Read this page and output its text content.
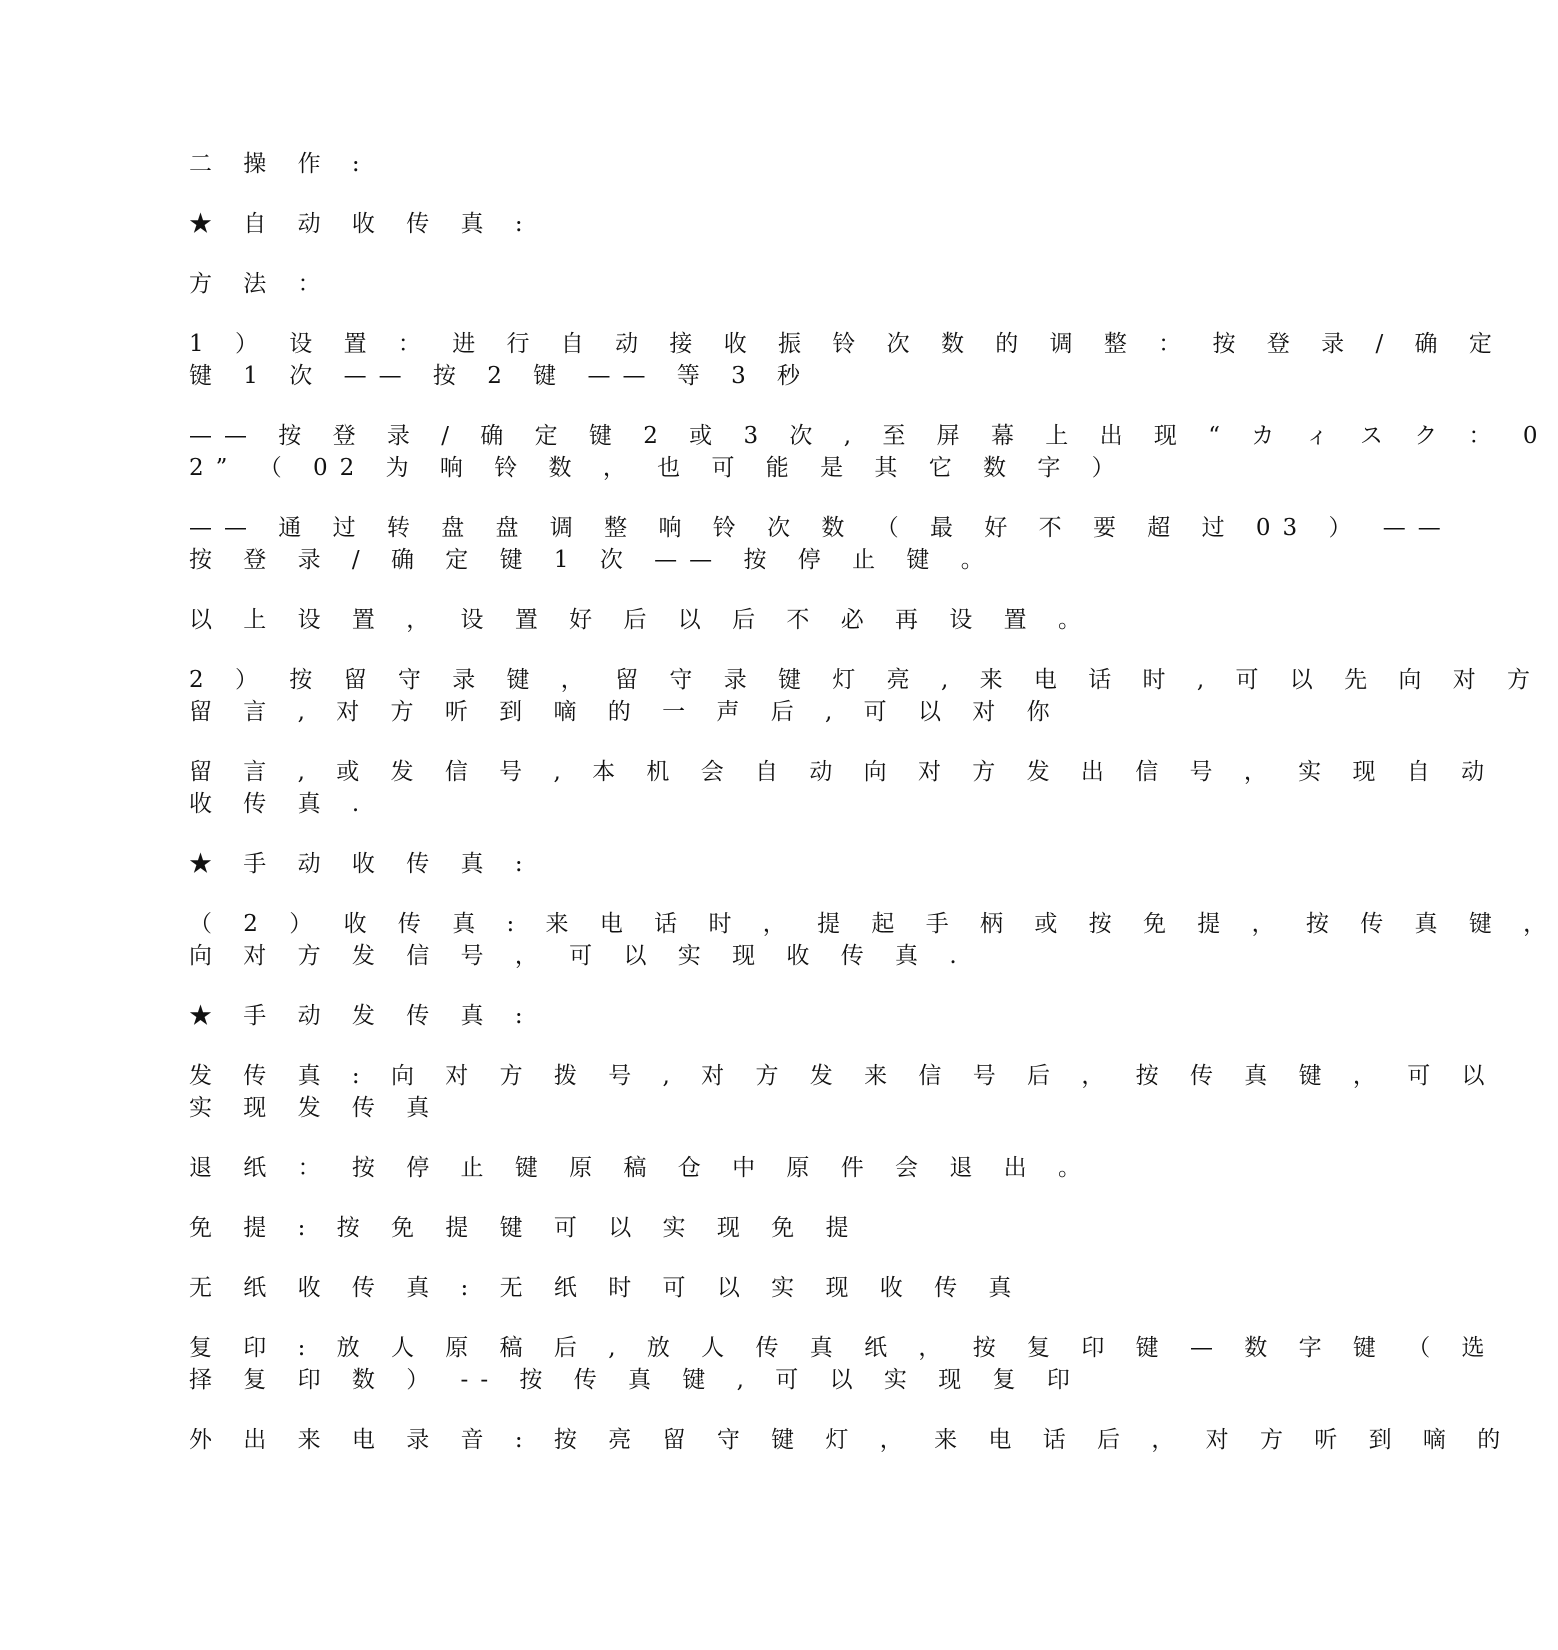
二 操 作 :

★ 自 动 收 传 真 :

方 法 ：

1 ） 设 置 ： 进 行 自 动 接 收 振 铃 次 数 的 调 整 ： 按 登 录 / 确 定
键 1 次 —— 按 2 键 —— 等 3 秒

—— 按 登 录 / 确 定 键 2 或 3 次 , 至 屏 幕 上 出 现 “ カ ィ ス ク ： 0
2” （ 02 为 响 铃 数 ， 也 可 能 是 其 它 数 字 ）

—— 通 过 转 盘 盘 调 整 响 铃 次 数 （ 最 好 不 要 超 过 03 ） ——
按 登 录 / 确 定 键 1 次 —— 按 停 止 键 。

以 上 设 置 ， 设 置 好 后 以 后 不 必 再 设 置 。

2 ） 按 留 守 录 键 ， 留 守 录 键 灯 亮 , 来 电 话 时 , 可 以 先 向 对 方
留 言 , 对 方 听 到 嘀 的 一 声 后 , 可 以 对 你

留 言 , 或 发 信 号 , 本 机 会 自 动 向 对 方 发 出 信 号 ， 实 现 自 动
收 传 真 .

★ 手 动 收 传 真 :

（ 2 ） 收 传 真 : 来 电 话 时 ， 提 起 手 柄 或 按 免 提 ， 按 传 真 键 ，
向 对 方 发 信 号 ， 可 以 实 现 收 传 真 .

★ 手 动 发 传 真 :

发 传 真 : 向 对 方 拨 号 , 对 方 发 来 信 号 后 ， 按 传 真 键 ， 可 以
实 现 发 传 真

退 纸 ： 按 停 止 键 原 稿 仓 中 原 件 会 退 出 。

免 提 : 按 免 提 键 可 以 实 现 免 提

无 纸 收 传 真 : 无 纸 时 可 以 实 现 收 传 真

复 印 : 放 人 原 稿 后 , 放 人 传 真 纸 ， 按 复 印 键 — 数 字 键 （ 选
择 复 印 数 ） -- 按 传 真 键 , 可 以 实 现 复 印

外 出 来 电 录 音 : 按 亮 留 守 键 灯 ， 来 电 话 后 ， 对 方 听 到 嘀 的
